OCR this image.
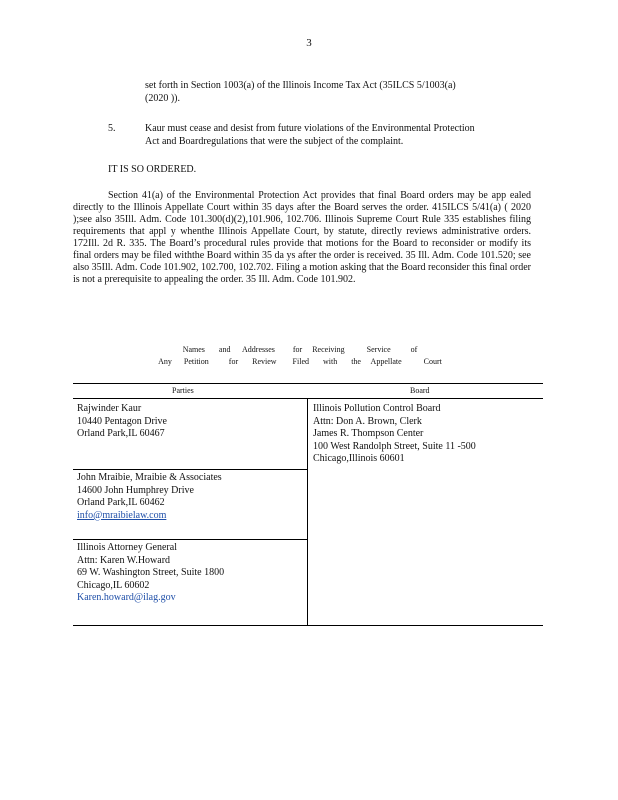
3
set forth in Section 1003(a) of the Illinois Income Tax Act (35ILCS 5/1003(a)
(2020 )).
5.	Kaur must cease and desist from future violations of the Environmental Protection
Act and Boardregulations that were the subject of the complaint.
IT IS SO ORDERED.

Section 41(a) of the Environmental Protection Act provides that final Board orders may be app ealed directly to the Illinois Appellate Court within 35 days after the Board serves the order. 415ILCS 5/41(a) ( 2020 );see also 35Ill. Adm. Code 101.300(d)(2),101.906, 102.706. Illinois Supreme Court Rule 335 establishes filing requirements that appl y whenthe Illinois Appellate Court, by statute, directly reviews administrative orders. 172Ill. 2d R. 335. The Board’s procedural rules provide that motions for the Board to reconsider or modify its final orders may be filed withthe Board within 35 da ys after the order is received. 35 Ill. Adm. Code 101.520; see also 35Ill. Adm. Code 101.902, 102.700, 102.702. Filing a motion asking that the Board reconsider this final order is not a prerequisite to appealing the order. 35 Ill. Adm. Code 101.902.

Names       and      Addresses         for     Receiving           Service          of
Any      Petition          for       Review        Filed       with       the     Appellate           Court
Parties	Board
Rajwinder Kaur
10440 Pentagon Drive
Orland Park,IL 60467
John Mraibie, Mraibie & Associates
14600 John Humphrey Drive
Orland Park,IL 60462
info@mraibielaw.com
Illinois Attorney General
Attn: Karen W.Howard
69 W. Washington Street, Suite 1800
Chicago,IL 60602
Karen.howard@ilag.gov
Illinois Pollution Control Board
Attn: Don A. Brown, Clerk
James R. Thompson Center
100 West Randolph Street, Suite 11 -500
Chicago,Illinois 60601
